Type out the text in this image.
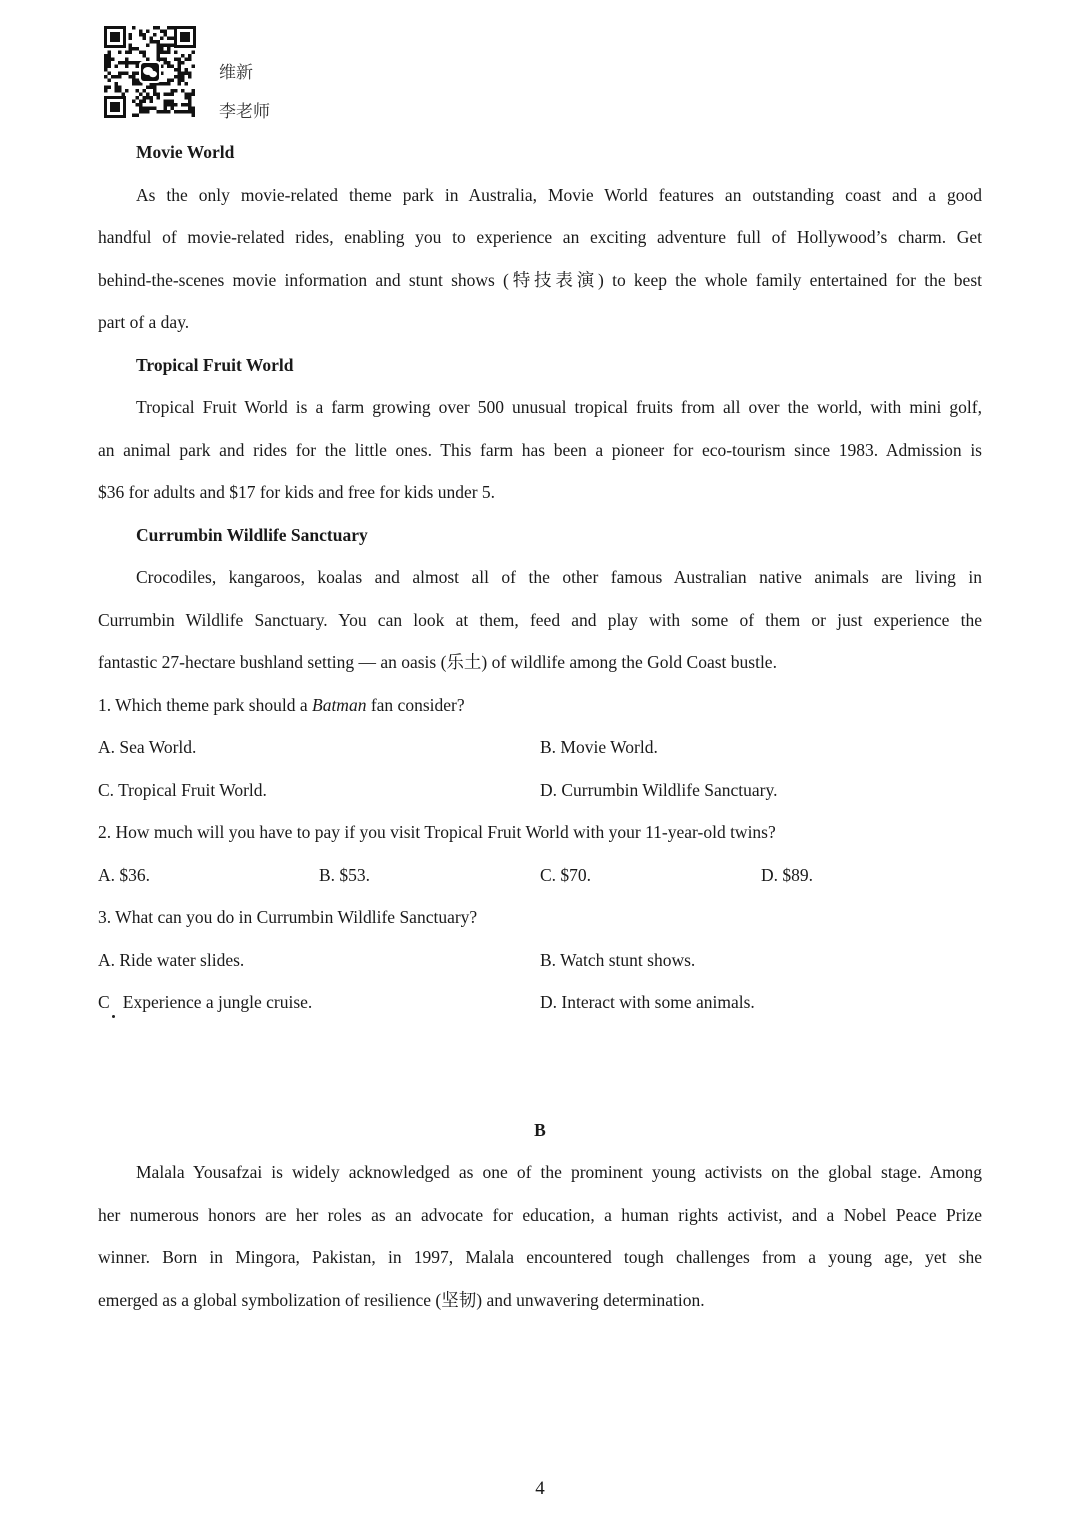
维新
李老师
Movie World
As the only movie-related theme park in Australia, Movie World features an outstanding coast and a good
handful of movie-related rides, enabling you to experience an exciting adventure full of Hollywood’s charm. Get
behind-the-scenes movie information and stunt shows (特技表演) to keep the whole family entertained for the best
part of a day.
Tropical Fruit World
Tropical Fruit World is a farm growing over 500 unusual tropical fruits from all over the world, with mini golf,
an animal park and rides for the little ones. This farm has been a pioneer for eco-tourism since 1983. Admission is
$36 for adults and $17 for kids and free for kids under 5.
Currumbin Wildlife Sanctuary
Crocodiles, kangaroos, koalas and almost all of the other famous Australian native animals are living in
Currumbin Wildlife Sanctuary. You can look at them, feed and play with some of them or just experience the
fantastic 27-hectare bushland setting — an oasis (乐土) of wildlife among the Gold Coast bustle.
1. Which theme park should a Batman fan consider?
A. Sea World.	B. Movie World.
C. Tropical Fruit World.	D. Currumbin Wildlife Sanctuary.
2. How much will you have to pay if you visit Tropical Fruit World with your 11-year-old twins?
A. $36.	B. $53.	C. $70.	D. $89.
3. What can you do in Currumbin Wildlife Sanctuary?
A. Ride water slides.	B. Watch stunt shows.
C   Experience a jungle cruise.	D. Interact with some animals.
B
Malala Yousafzai is widely acknowledged as one of the prominent young activists on the global stage. Among
her numerous honors are her roles as an advocate for education, a human rights activist, and a Nobel Peace Prize
winner. Born in Mingora, Pakistan, in 1997, Malala encountered tough challenges from a young age, yet she
emerged as a global symbolization of resilience (坚韧) and unwavering determination.
4
